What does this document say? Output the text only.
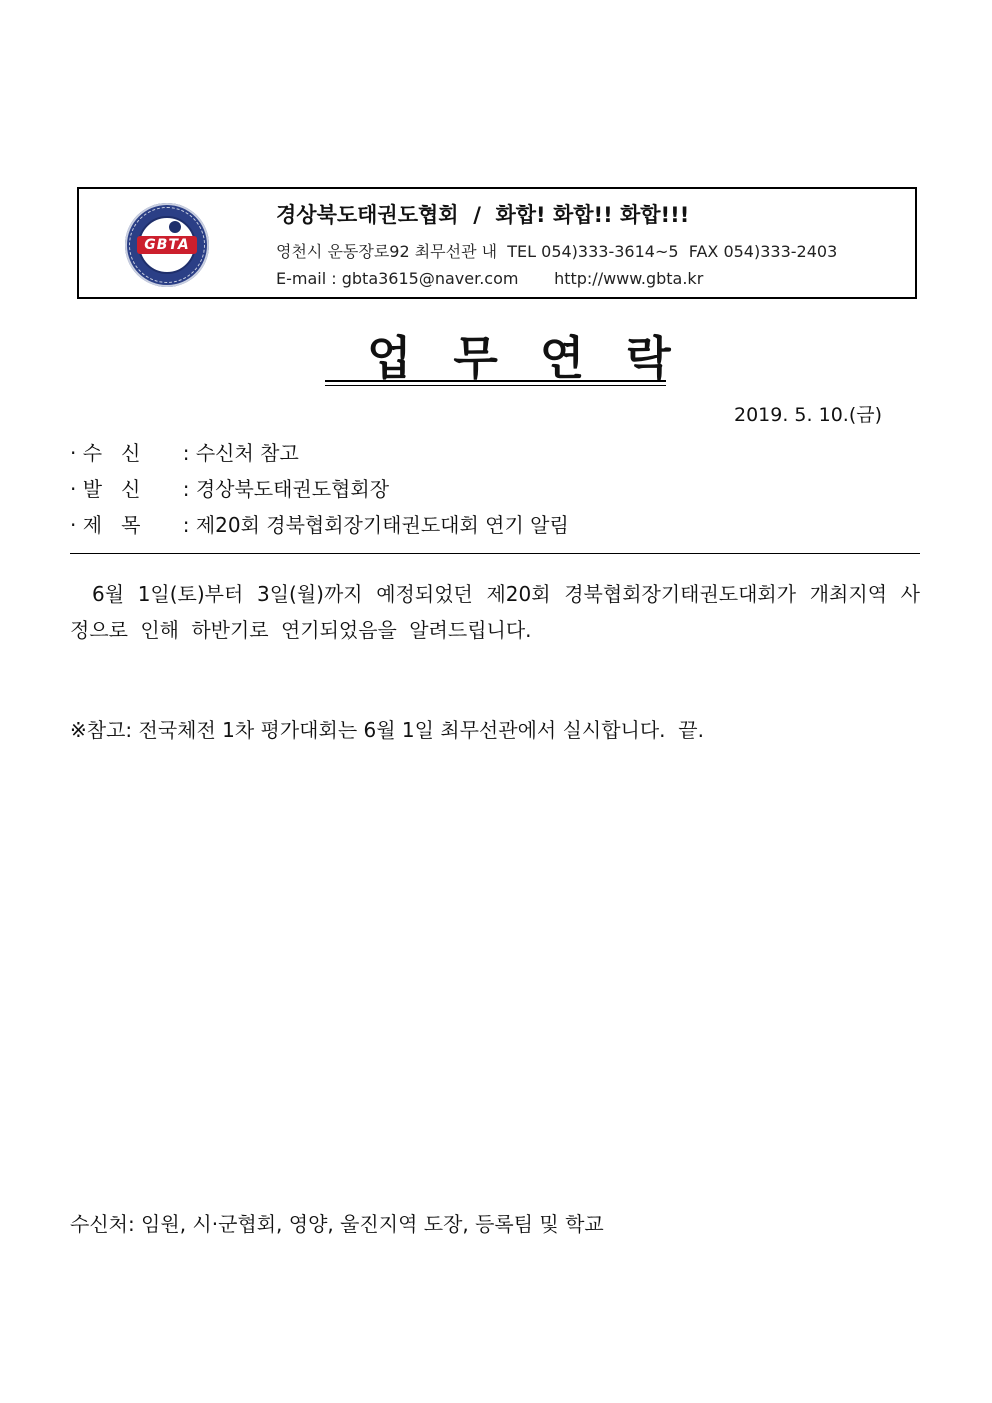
GBTA
경상북도태권도협회  /  화합! 화합!! 화합!!!
영천시 운동장로92 최무선관 내  TEL 054)333-3614~5  FAX 054)333-2403
E-mail : gbta3615@naver.com       http://www.gbta.kr
업무연락
2019. 5. 10.(금)
· 수   신 : 수신처 참고
· 발   신 : 경상북도태권도협회장
· 제   목 : 제20회 경북협회장기태권도대회 연기 알림
6월 1일(토)부터 3일(월)까지 예정되었던 제20회 경북협회장기태권도대회가 개최지역 사정으로 인해 하반기로 연기되었음을 알려드립니다.
※참고: 전국체전 1차 평가대회는 6월 1일 최무선관에서 실시합니다.  끝.
수신처: 임원, 시·군협회, 영양, 울진지역 도장, 등록팀 및 학교
